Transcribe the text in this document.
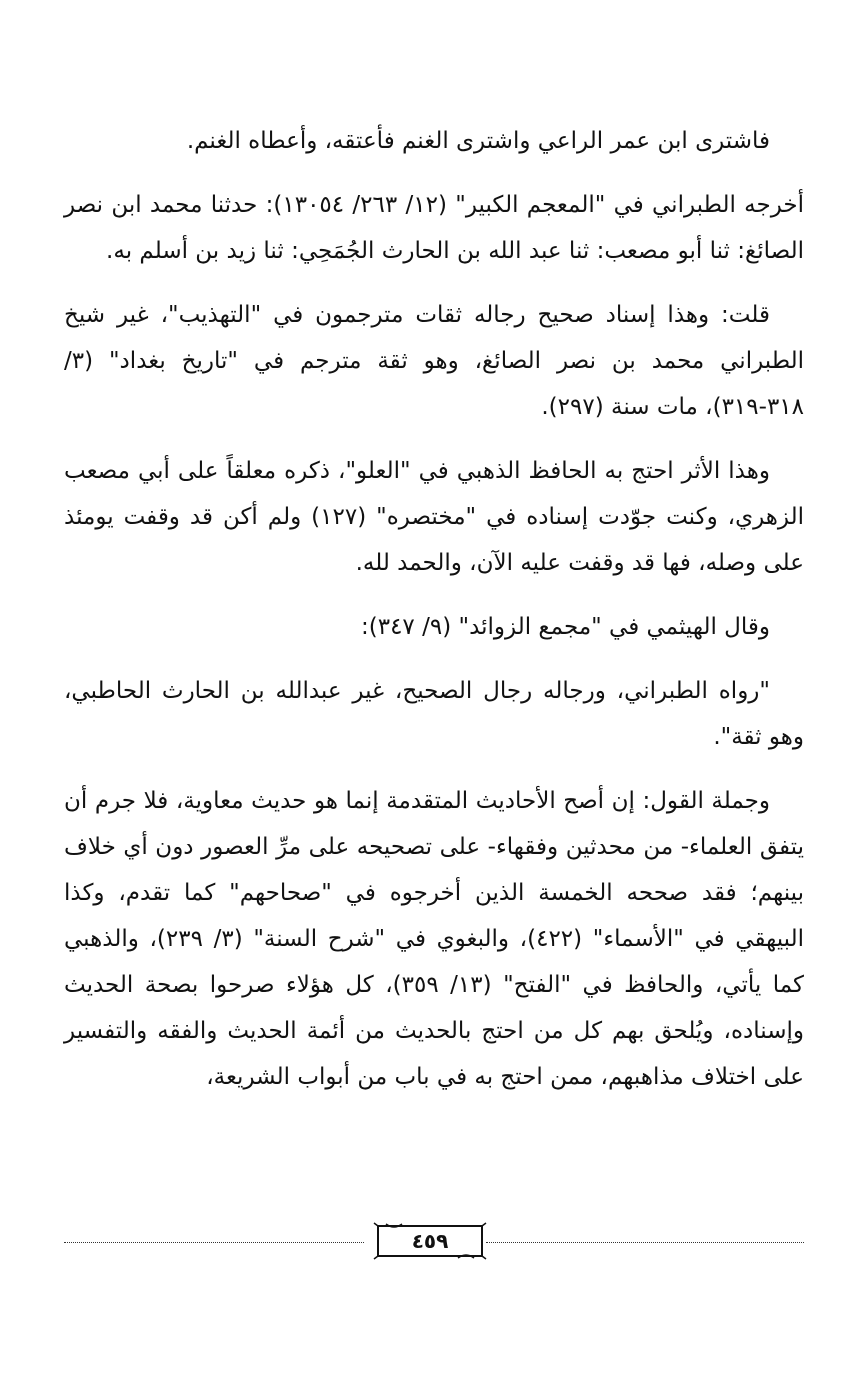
فاشترى ابن عمر الراعي واشترى الغنم فأعتقه، وأعطاه الغنم.

أخرجه الطبراني في "المعجم الكبير" (١٢/ ٢٦٣/ ١٣٠٥٤): حدثنا محمد ابن نصر الصائغ: ثنا أبو مصعب: ثنا عبد الله بن الحارث الجُمَحِي: ثنا زيد بن أسلم به.

قلت: وهذا إسناد صحيح رجاله ثقات مترجمون في "التهذيب"، غير شيخ الطبراني محمد بن نصر الصائغ، وهو ثقة مترجم في "تاريخ بغداد" (٣/ ٣١٨-٣١٩)، مات سنة (٢٩٧).

وهذا الأثر احتج به الحافظ الذهبي في "العلو"، ذكره معلقاً على أبي مصعب الزهري، وكنت جوّدت إسناده في "مختصره" (١٢٧) ولم أكن قد وقفت يومئذ على وصله، فها قد وقفت عليه الآن، والحمد لله.

وقال الهيثمي في "مجمع الزوائد" (٩/ ٣٤٧):

"رواه الطبراني، ورجاله رجال الصحيح، غير عبدالله بن الحارث الحاطبي، وهو ثقة".

وجملة القول: إن أصح الأحاديث المتقدمة إنما هو حديث معاوية، فلا جرم أن يتفق العلماء- من محدثين وفقهاء- على تصحيحه على مرِّ العصور دون أي خلاف بينهم؛ فقد صححه الخمسة الذين أخرجوه في "صحاحهم" كما تقدم، وكذا البيهقي في "الأسماء" (٤٢٢)، والبغوي في "شرح السنة" (٣/ ٢٣٩)، والذهبي كما يأتي، والحافظ في "الفتح" (١٣/ ٣٥٩)، كل هؤلاء صرحوا بصحة الحديث وإسناده، ويُلحق بهم كل من احتج بالحديث من أئمة الحديث والفقه والتفسير على اختلاف مذاهبهم، ممن احتج به في باب من أبواب الشريعة،

٤٥٩
